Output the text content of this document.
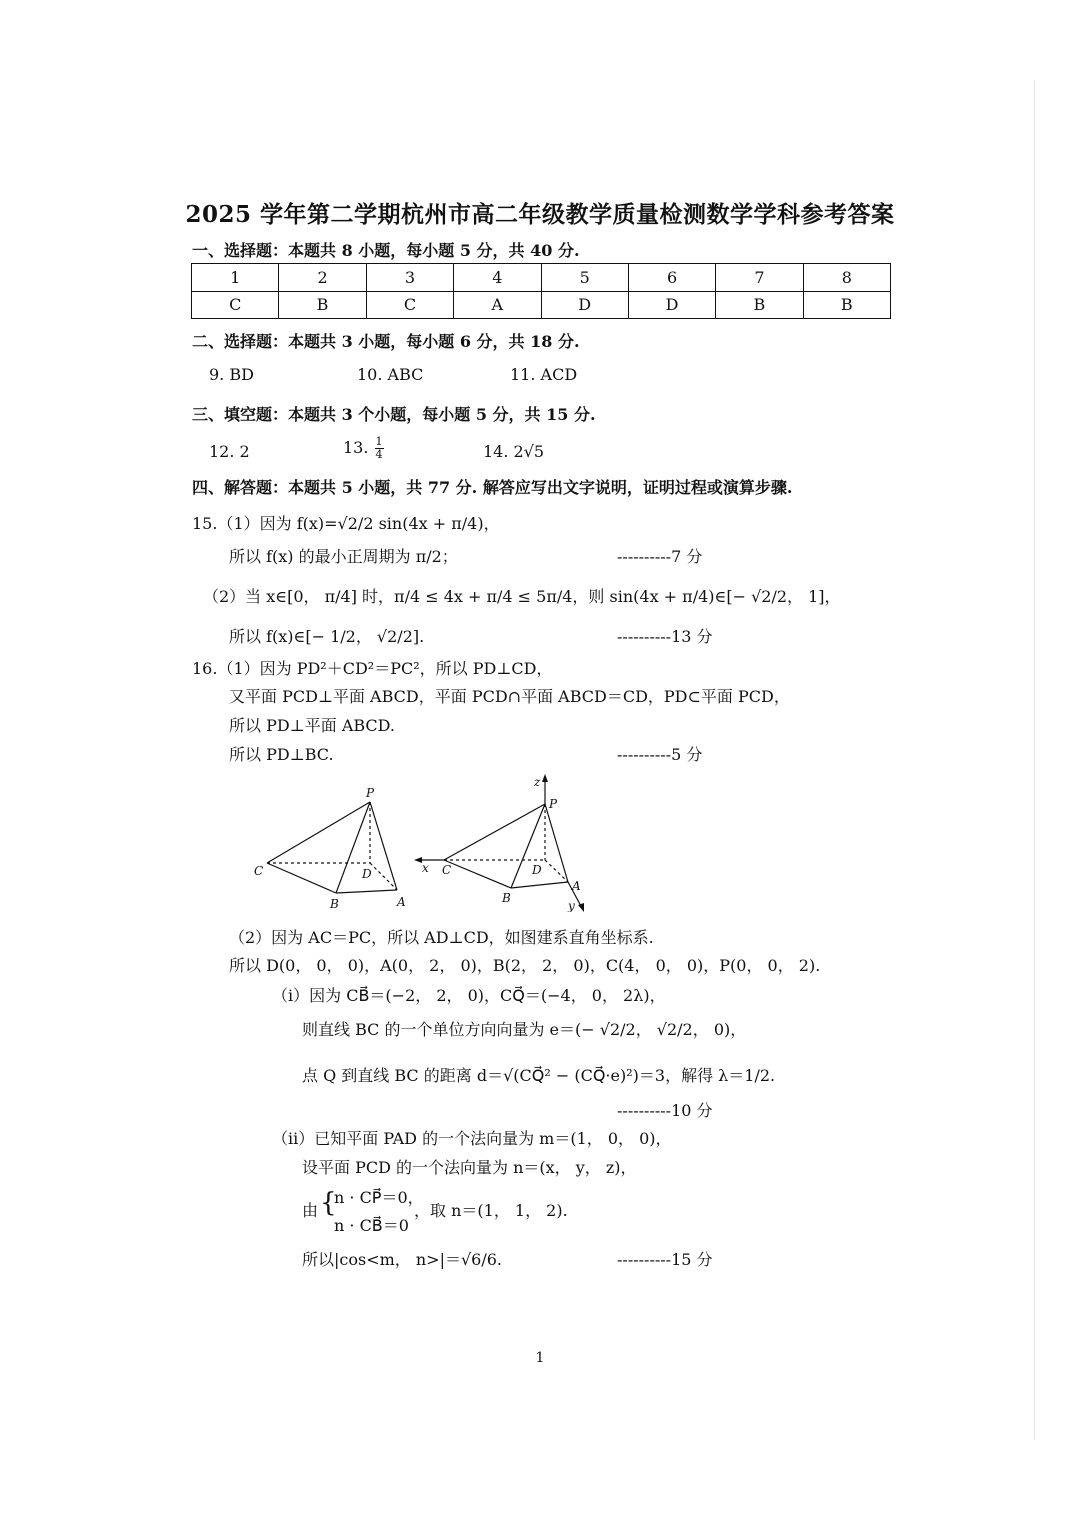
2025 学年第二学期杭州市高二年级教学质量检测数学学科参考答案
一、选择题：本题共 8 小题，每小题 5 分，共 40 分.
1	2	3	4	5	6	7	8
C	B	C	A	D	D	B	B
二、选择题：本题共 3 小题，每小题 6 分，共 18 分.
9. BD	10. ABC	11. ACD
三、填空题：本题共 3 个小题，每小题 5 分，共 15 分.
12. 2	13. $\frac{1}{4}$	14. 2√5
四、解答题：本题共 5 小题，共 77 分. 解答应写出文字说明，证明过程或演算步骤.
15.（1）因为 f(x)=√2/2 sin(4x + π/4)，
所以 f(x) 的最小正周期为 π/2；	----------7 分
（2）当 x∈[0， π/4] 时，π/4 ≤ 4x + π/4 ≤ 5π/4，则 sin(4x + π/4)∈[− √2/2， 1]，
所以 f(x)∈[− 1/2， √2/2].	----------13 分
16.（1）因为 PD²＋CD²＝PC²，所以 PD⊥CD，
又平面 PCD⊥平面 ABCD，平面 PCD∩平面 ABCD＝CD，PD⊂平面 PCD，
所以 PD⊥平面 ABCD.
所以 PD⊥BC.	----------5 分
P
C	D
B	A
z
P
x C	D
B
A
y
（2）因为 AC＝PC，所以 AD⊥CD，如图建系直角坐标系.
所以 D(0， 0， 0)，A(0， 2， 0)，B(2， 2， 0)，C(4， 0， 0)，P(0， 0， 2).
（i）因为 CB⃗＝(−2， 2， 0)，CQ⃗＝(−4， 0， 2λ)，
则直线 BC 的一个单位方向向量为 e＝(− √2/2， √2/2， 0)，
点 Q 到直线 BC 的距离 d＝√(CQ⃗² − (CQ⃗·e)²)＝3，解得 λ＝1/2.
----------10 分
（ii）已知平面 PAD 的一个法向量为 m＝(1， 0， 0)，
设平面 PCD 的一个法向量为 n＝(x， y， z)，
由 {
n · CP⃗＝0，
n · CB⃗＝0
，取 n＝(1， 1， 2).
所以|cos<m， n>|＝√6/6.	----------15 分
1
